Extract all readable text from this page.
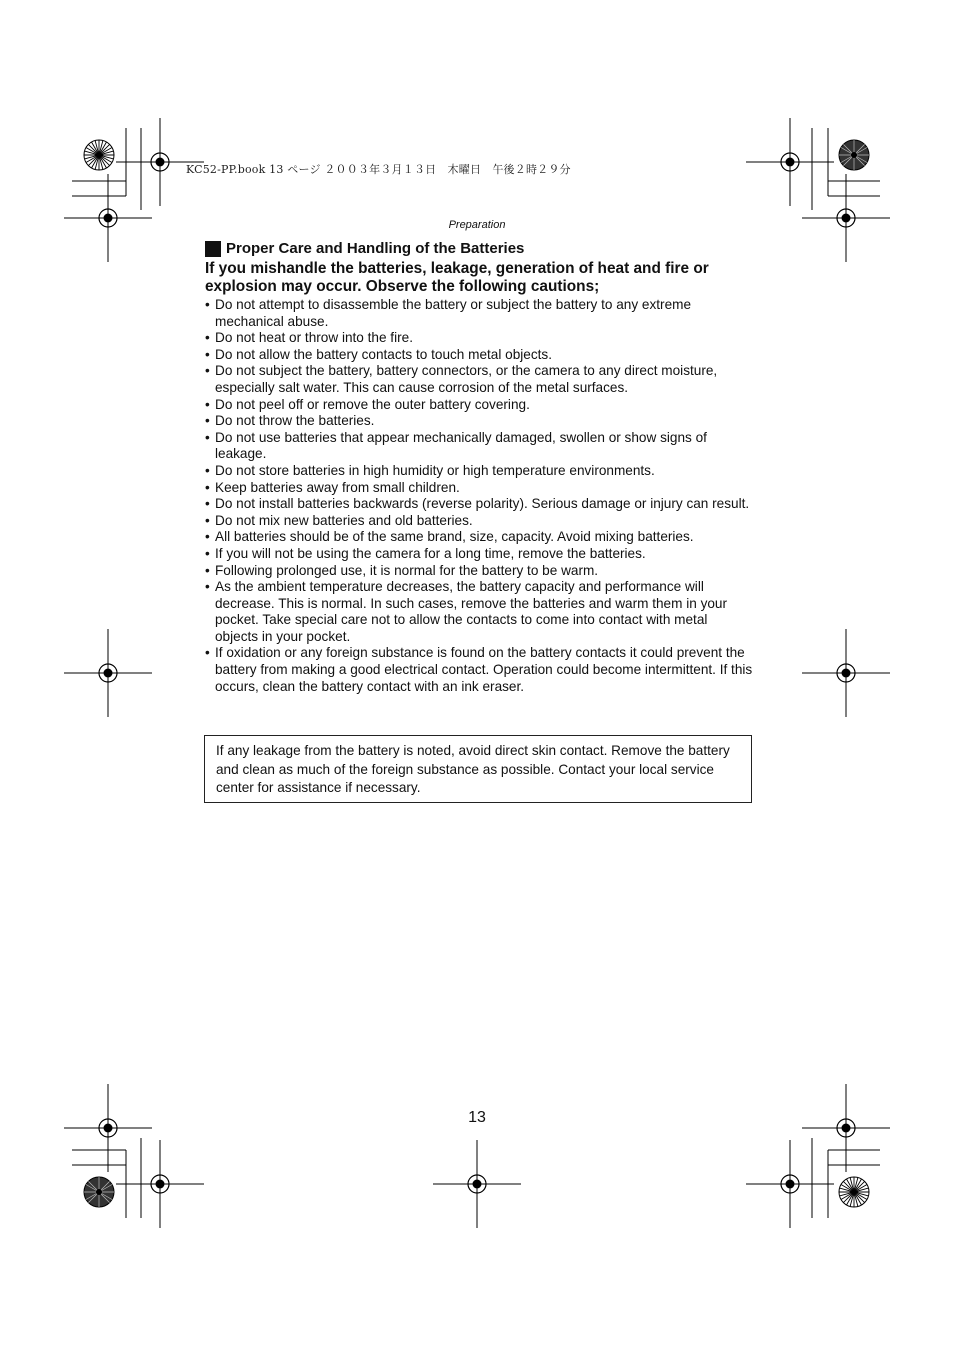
KC52-PP.book 13 ページ ２００３年３月１３日　木曜日　午後２時２９分
Preparation
Proper Care and Handling of the Batteries
If you mishandle the batteries, leakage, generation of heat and fire or explosion may occur. Observe the following cautions;
• Do not attempt to disassemble the battery or subject the battery to any extreme mechanical abuse.
• Do not heat or throw into the fire.
• Do not allow the battery contacts to touch metal objects.
• Do not subject the battery, battery connectors, or the camera to any direct moisture, especially salt water. This can cause corrosion of the metal surfaces.
• Do not peel off or remove the outer battery covering.
• Do not throw the batteries.
• Do not use batteries that appear mechanically damaged, swollen or show signs of leakage.
• Do not store batteries in high humidity or high temperature environments.
• Keep batteries away from small children.
• Do not install batteries backwards (reverse polarity). Serious damage or injury can result.
• Do not mix new batteries and old batteries.
• All batteries should be of the same brand, size, capacity. Avoid mixing batteries.
• If you will not be using the camera for a long time, remove the batteries.
• Following prolonged use, it is normal for the battery to be warm.
• As the ambient temperature decreases, the battery capacity and performance will decrease. This is normal. In such cases, remove the batteries and warm them in your pocket. Take special care not to allow the contacts to come into contact with metal objects in your pocket.
• If oxidation or any foreign substance is found on the battery contacts it could prevent the battery from making a good electrical contact. Operation could become intermittent. If this occurs, clean the battery contact with an ink eraser.
If any leakage from the battery is noted, avoid direct skin contact. Remove the battery and clean as much of the foreign substance as possible. Contact your local service center for assistance if necessary.
13
